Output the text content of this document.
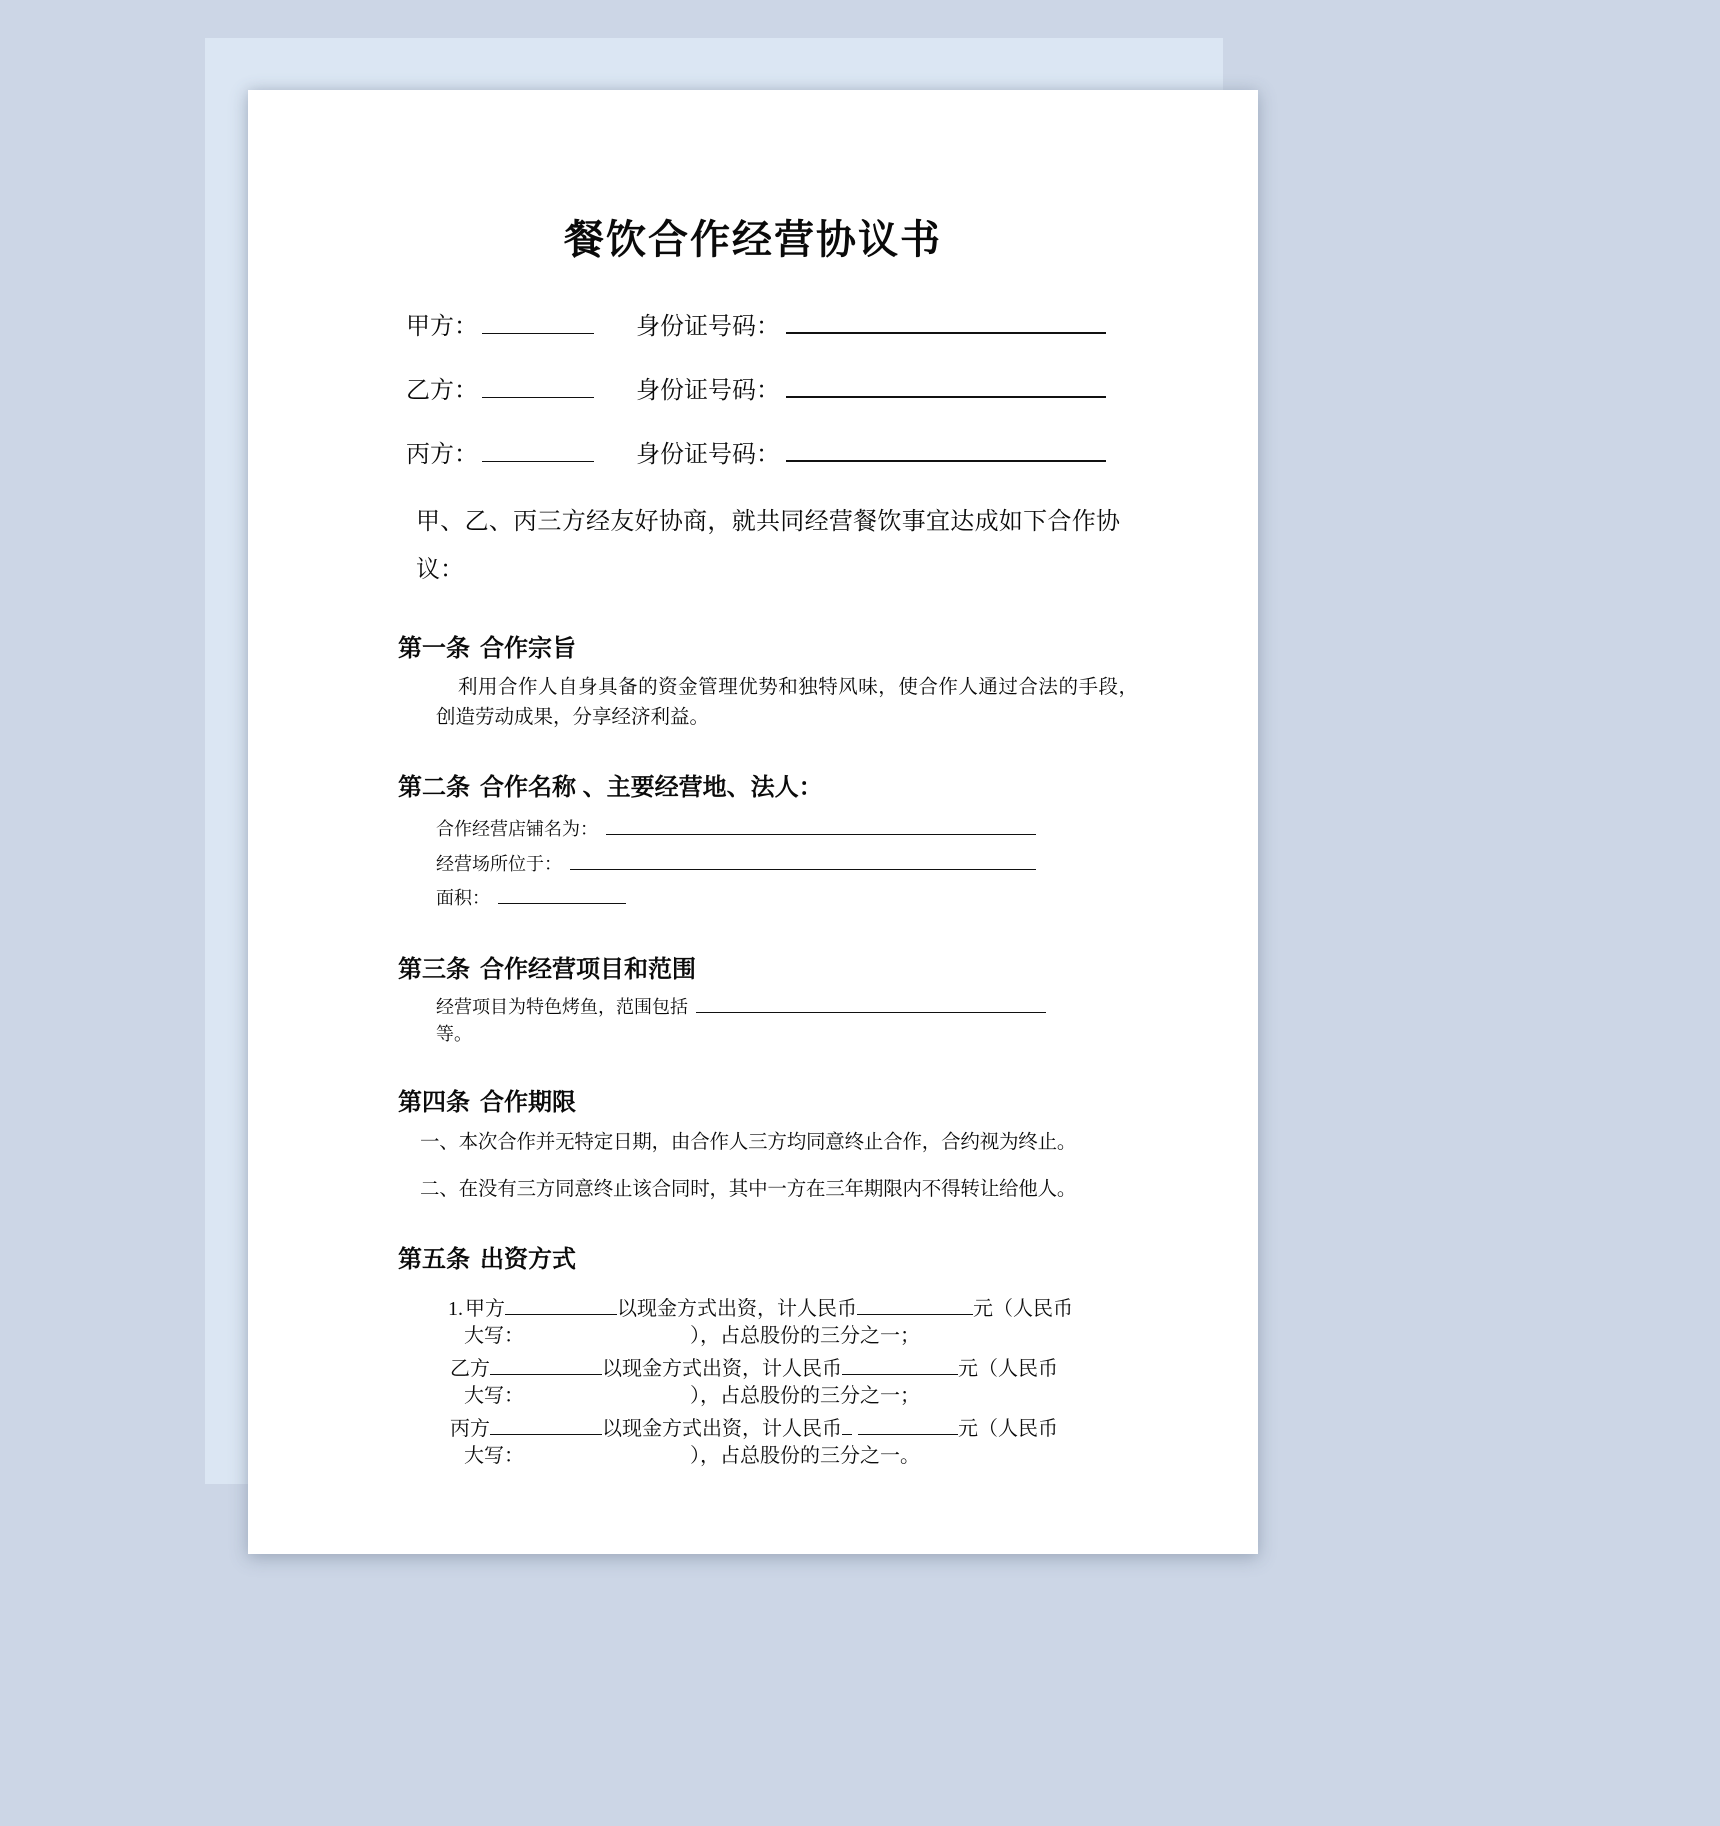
餐饮合作经营协议书
甲方：	身份证号码：
乙方：	身份证号码：
丙方：	身份证号码：
甲、乙、丙三方经友好协商，就共同经营餐饮事宜达成如下合作协议：
第一条 合作宗旨

利用合作人自身具备的资金管理优势和独特风味，使合作人通过合法的手段，创造劳动成果，分享经济利益。

第二条 合作名称 、主要经营地、法人：
合作经营店铺名为：
经营场所位于：
面积：
第三条 合作经营项目和范围
经营项目为特色烤鱼，范围包括
等。
第四条 合作期限
一、本次合作并无特定日期，由合作人三方均同意终止合作，合约视为终止。
二、在没有三方同意终止该合同时，其中一方在三年期限内不得转让给他人。
第五条 出资方式
1. 甲方	以现金方式出资，计人民币	元（人民币
大写：	），占总股份的三分之一；
乙方	以现金方式出资，计人民币	元（人民币
大写：	），占总股份的三分之一；
丙方	以现金方式出资，计人民币	元（人民币
大写：	），占总股份的三分之一。
